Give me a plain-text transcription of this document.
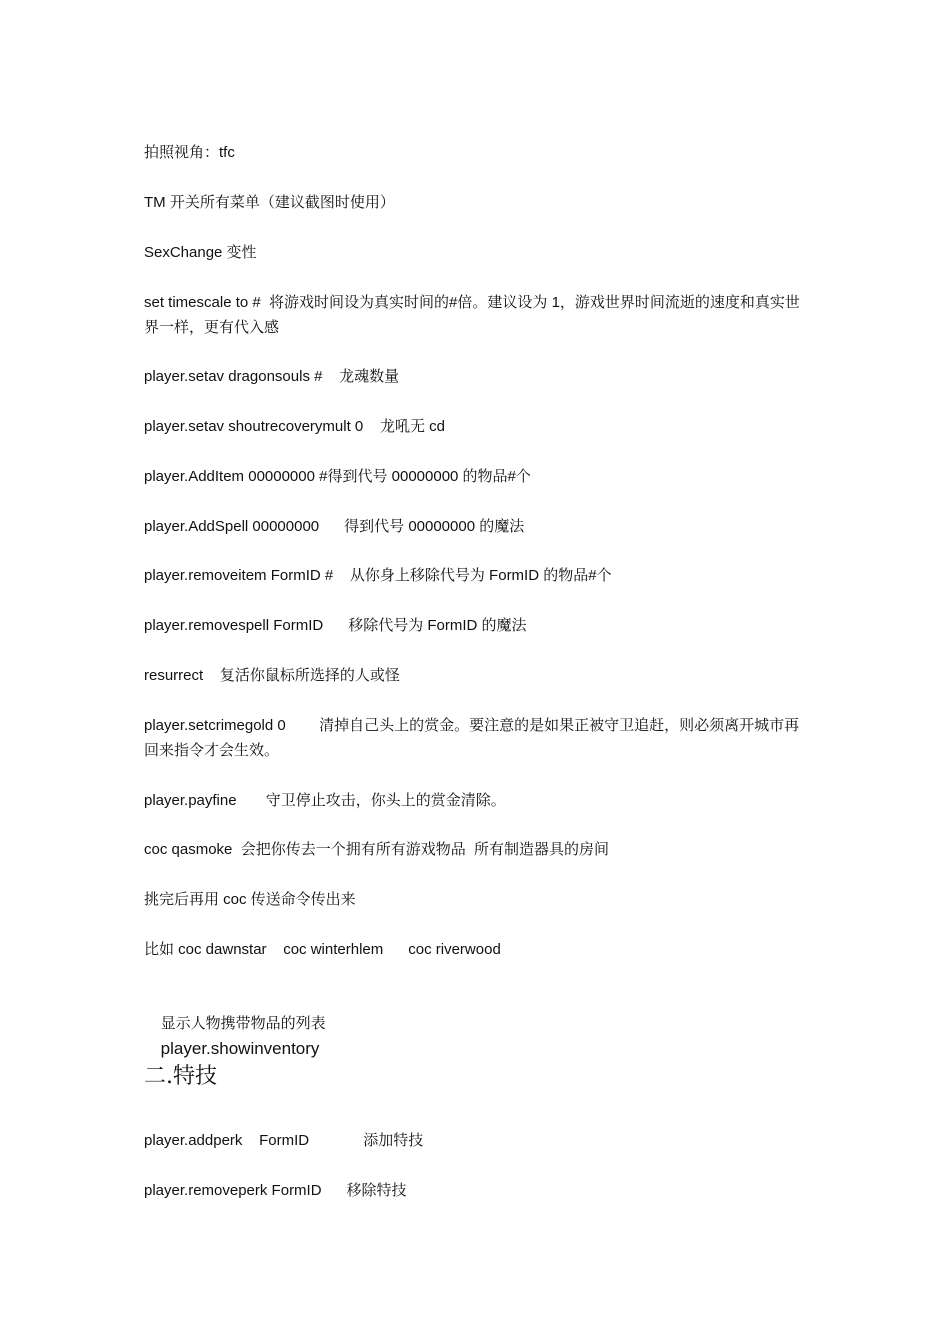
拍照视角：tfc
TM 开关所有菜单（建议截图时使用）
SexChange 变性
set timescale to #  将游戏时间设为真实时间的#倍。建议设为 1，游戏世界时间流逝的速度和真实世界一样，更有代入感
player.setav dragonsouls #    龙魂数量
player.setav shoutrecoverymult 0    龙吼无 cd
player.AddItem 00000000 #得到代号 00000000 的物品#个
player.AddSpell 00000000      得到代号 00000000 的魔法
player.removeitem FormID #    从你身上移除代号为 FormID 的物品#个
player.removespell FormID      移除代号为 FormID 的魔法
resurrect    复活你鼠标所选择的人或怪
player.setcrimegold 0        清掉自己头上的赏金。要注意的是如果正被守卫追赶，则必须离开城市再回来指令才会生效。
player.payfine       守卫停止攻击，你头上的赏金清除。
coc qasmoke  会把你传去一个拥有所有游戏物品  所有制造器具的房间
挑完后再用 coc 传送命令传出来
比如 coc dawnstar    coc winterhlem      coc riverwood

显示人物携带物品的列表
player.showinventory

二.特技
player.addperk    FormID             添加特技
player.removeperk FormID      移除特技
